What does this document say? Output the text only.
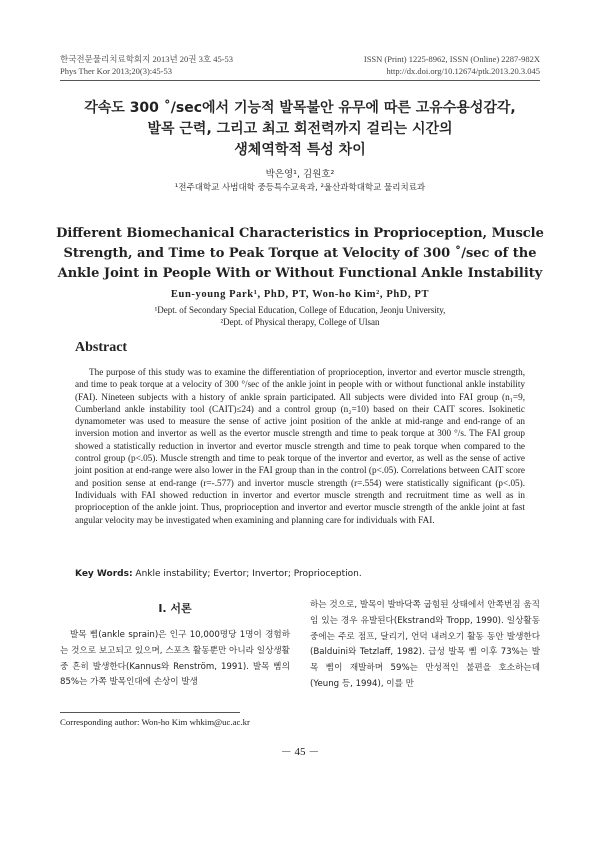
한국전문물리치료학회지 2013년 20권 3호 45-53
Phys Ther Kor 2013;20(3):45-53
ISSN (Print) 1225-8962, ISSN (Online) 2287-982X
http://dx.doi.org/10.12674/ptk.2013.20.3.045
각속도 300 ˚/sec에서 기능적 발목불안 유무에 따른 고유수용성감각,
발목 근력, 그리고 최고 회전력까지 걸리는 시간의
생체역학적 특성 차이
박은영¹, 김원호²
¹전주대학교 사범대학 중등특수교육과, ²울산과학대학교 물리치료과
Different Biomechanical Characteristics in Proprioception, Muscle
Strength, and Time to Peak Torque at Velocity of 300 ˚/sec of the
Ankle Joint in People With or Without Functional Ankle Instability
Eun-young Park¹, PhD, PT, Won-ho Kim², PhD, PT
¹Dept. of Secondary Special Education, College of Education, Jeonju University,
²Dept. of Physical therapy, College of Ulsan
Abstract
The purpose of this study was to examine the differentiation of proprioception, invertor and evertor muscle strength, and time to peak torque at a velocity of 300 °/sec of the ankle joint in people with or without functional ankle instability (FAI). Nineteen subjects with a history of ankle sprain participated. All subjects were divided into FAI group (n₁=9, Cumberland ankle instability tool (CAIT)≤24) and a control group (n₂=10) based on their CAIT scores. Isokinetic dynamometer was used to measure the sense of active joint position of the ankle at mid-range and end-range of an inversion motion and invertor as well as the evertor muscle strength and time to peak torque at 300 °/s. The FAI group showed a statistically reduction in invertor and evertor muscle strength and time to peak torque when compared to the control group (p<.05). Muscle strength and time to peak torque of the invertor and evertor, as well as the sense of active joint position at end-range were also lower in the FAI group than in the control (p<.05). Correlations between CAIT score and position sense at end-range (r=-.577) and invertor muscle strength (r=.554) were statistically significant (p<.05). Individuals with FAI showed reduction in invertor and evertor muscle strength and recruitment time as well as in proprioception of the ankle joint. Thus, proprioception and invertor and evertor muscle strength of the ankle joint at fast angular velocity may be investigated when examining and planning care for individuals with FAI.
Key Words: Ankle instability; Evertor; Invertor; Proprioception.
Ⅰ. 서론
발목 삠(ankle sprain)은 인구 10,000명당 1명이 경험하는 것으로 보고되고 있으며, 스포츠 활동뿐만 아니라 일상생활 중 흔히 발생한다(Kannus와 Renström, 1991). 발목 삠의 85%는 가쪽 발목인대에 손상이 발생
하는 것으로, 발목이 발바닥쪽 굽힘된 상태에서 안쪽번짐 움직임 있는 경우 유발된다(Ekstrand와 Tropp, 1990). 일상활동 중에는 주로 점프, 달리기, 언덕 내려오기 활동 동안 발생한다(Balduini와 Tetzlaff, 1982). 급성 발목 삠 이후 73%는 발목 삠이 재발하며 59%는 만성적인 불편을 호소하는데(Yeung 등, 1994), 이를 만
Corresponding author: Won-ho Kim whkim@uc.ac.kr
－ 45 －
